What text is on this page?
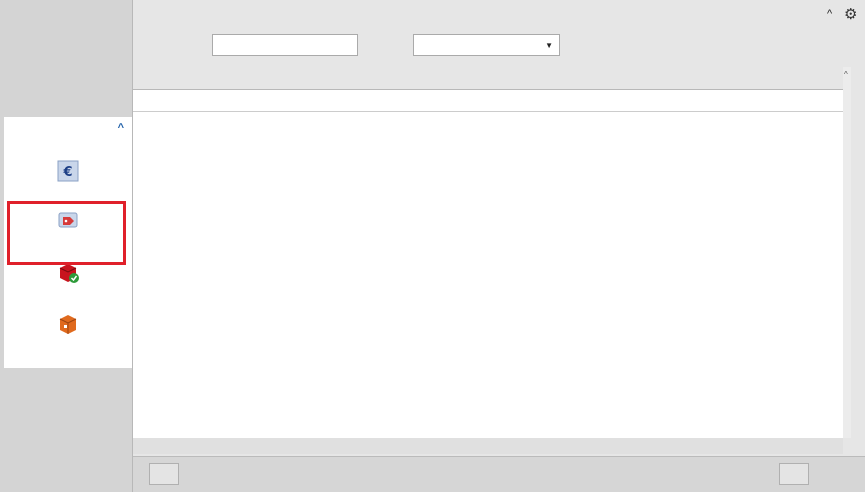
^
€
^ ⚙
▼
^
